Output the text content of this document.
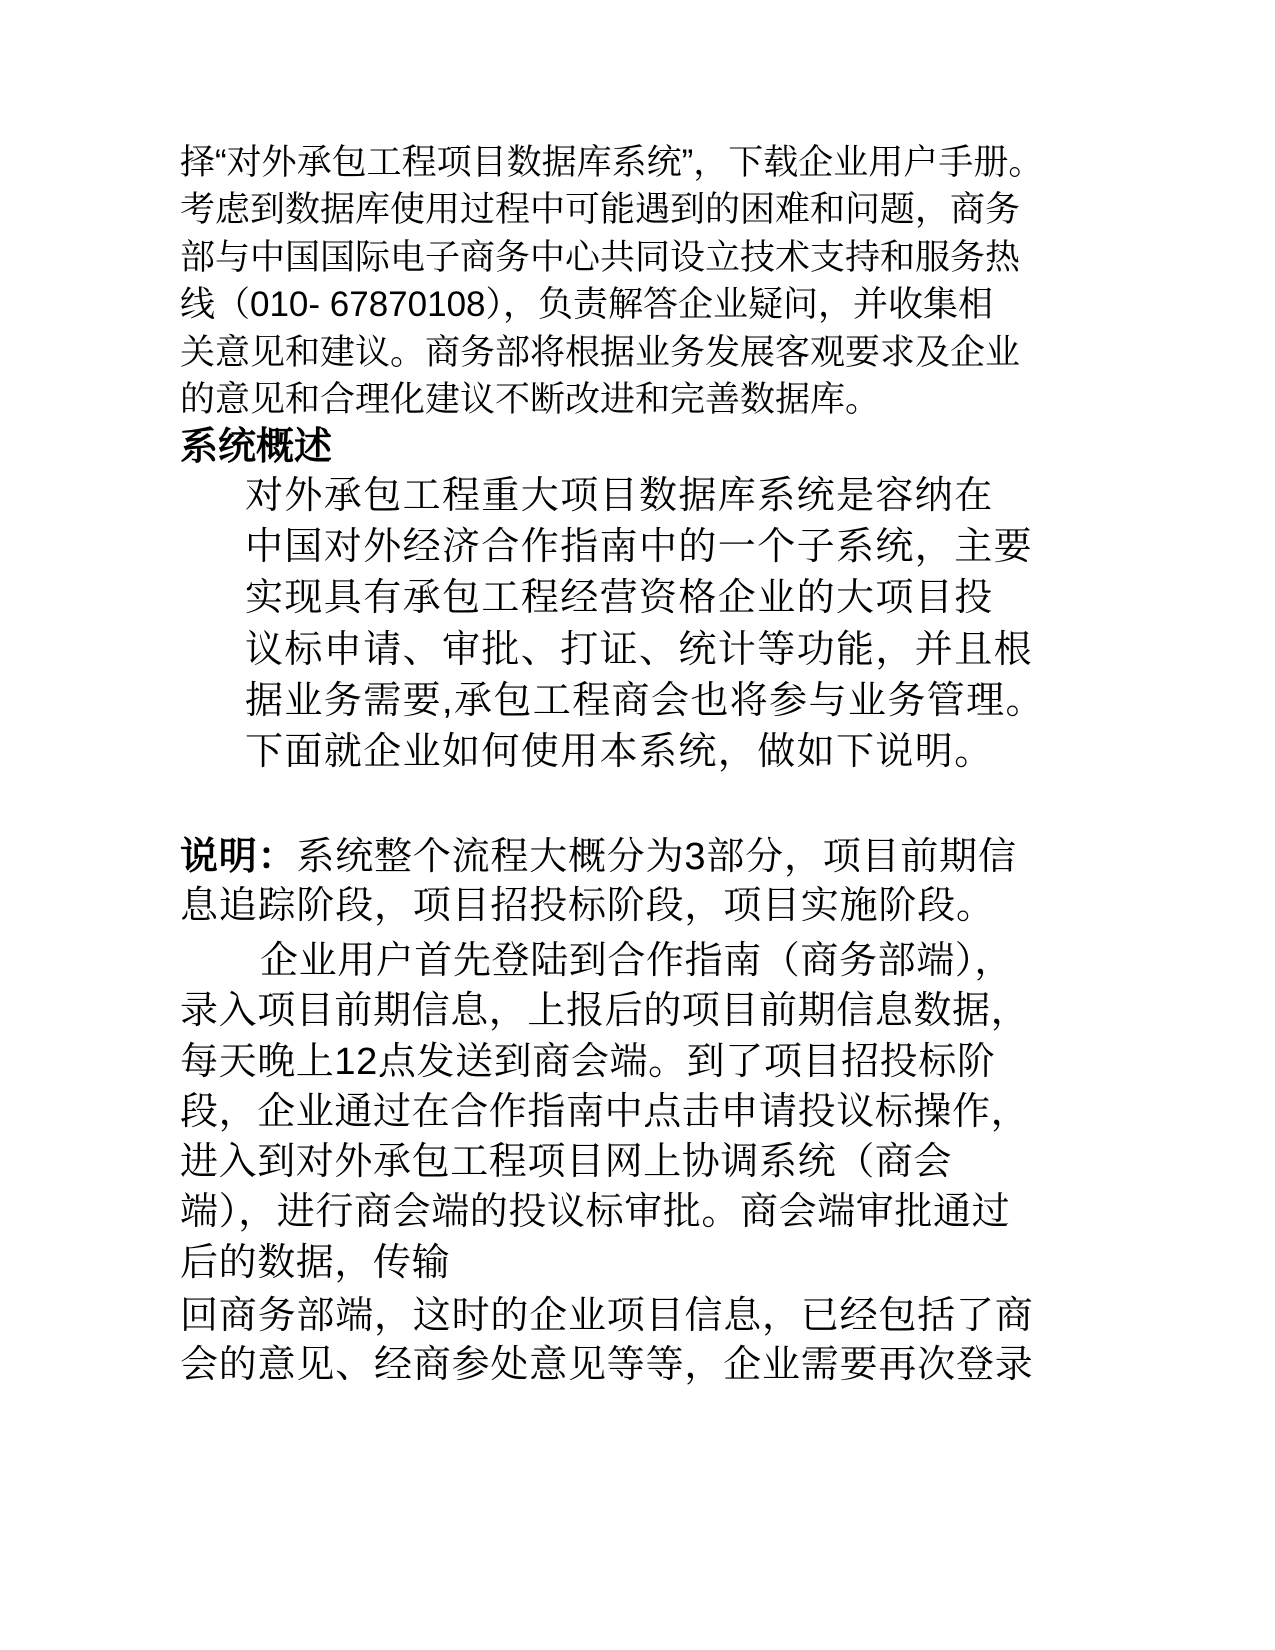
择“对外承包工程项目数据库系统”，下载企业用户手册。
考虑到数据库使用过程中可能遇到的困难和问题，商务
部与中国国际电子商务中心共同设立技术支持和服务热
线（010- 67870108），负责解答企业疑问，并收集相
关意见和建议。商务部将根据业务发展客观要求及企业
的意见和合理化建议不断改进和完善数据库。
系统概述
对外承包工程重大项目数据库系统是容纳在
中国对外经济合作指南中的一个子系统，主要
实现具有承包工程经营资格企业的大项目投
议标申请、审批、打证、统计等功能，并且根
据业务需要,承包工程商会也将参与业务管理。
下面就企业如何使用本系统，做如下说明。
说明：系统整个流程大概分为3部分，项目前期信
息追踪阶段，项目招投标阶段，项目实施阶段。
企业用户首先登陆到合作指南（商务部端），
录入项目前期信息，上报后的项目前期信息数据，
每天晚上12点发送到商会端。到了项目招投标阶
段，企业通过在合作指南中点击申请投议标操作，
进入到对外承包工程项目网上协调系统（商会
端），进行商会端的投议标审批。商会端审批通过
后的数据，传输
回商务部端，这时的企业项目信息，已经包括了商
会的意见、经商参处意见等等，企业需要再次登录
